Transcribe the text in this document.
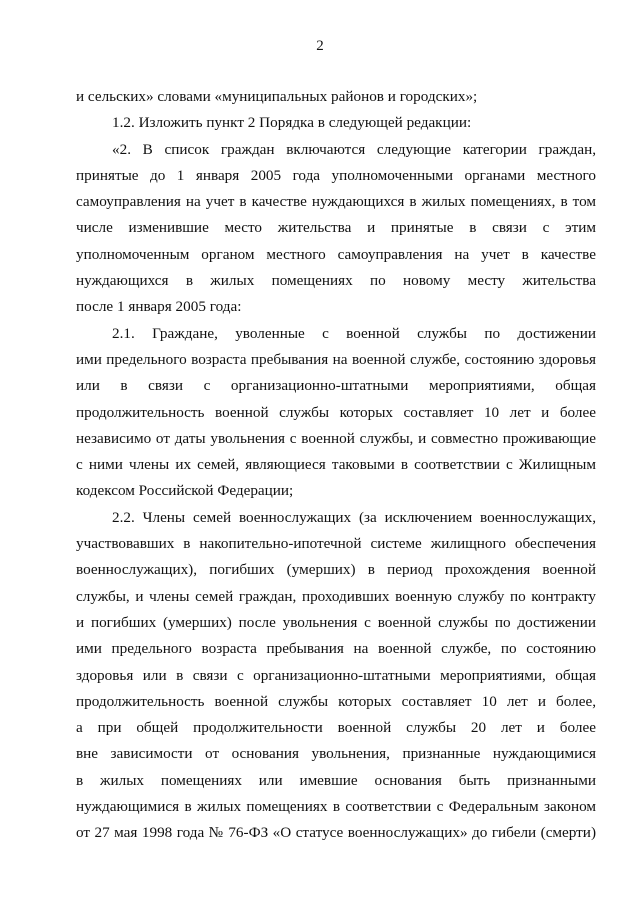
2
и сельских» словами «муниципальных районов и городских»;
1.2. Изложить пункт 2 Порядка в следующей редакции:
«2. В список граждан включаются следующие категории граждан,
принятые до 1 января 2005 года уполномоченными органами местного
самоуправления на учет в качестве нуждающихся в жилых помещениях, в том
числе изменившие место жительства и принятые в связи с этим
уполномоченным органом местного самоуправления на учет в качестве
нуждающихся в жилых помещениях по новому месту жительства
после 1 января 2005 года:
2.1. Граждане, уволенные с военной службы по достижении
ими предельного возраста пребывания на военной службе, состоянию здоровья
или в связи с организационно-штатными мероприятиями, общая
продолжительность военной службы которых составляет 10 лет и более
независимо от даты увольнения с военной службы, и совместно проживающие
с ними члены их семей, являющиеся таковыми в соответствии с Жилищным
кодексом Российской Федерации;
2.2. Члены семей военнослужащих (за исключением военнослужащих,
участвовавших в накопительно-ипотечной системе жилищного обеспечения
военнослужащих), погибших (умерших) в период прохождения военной
службы, и члены семей граждан, проходивших военную службу по контракту
и погибших (умерших) после увольнения с военной службы по достижении
ими предельного возраста пребывания на военной службе, по состоянию
здоровья или в связи с организационно-штатными мероприятиями, общая
продолжительность военной службы которых составляет 10 лет и более,
а при общей продолжительности военной службы 20 лет и более
вне зависимости от основания увольнения, признанные нуждающимися
в жилых помещениях или имевшие основания быть признанными
нуждающимися в жилых помещениях в соответствии с Федеральным законом
от 27 мая 1998 года № 76-ФЗ «О статусе военнослужащих» до гибели (смерти)
